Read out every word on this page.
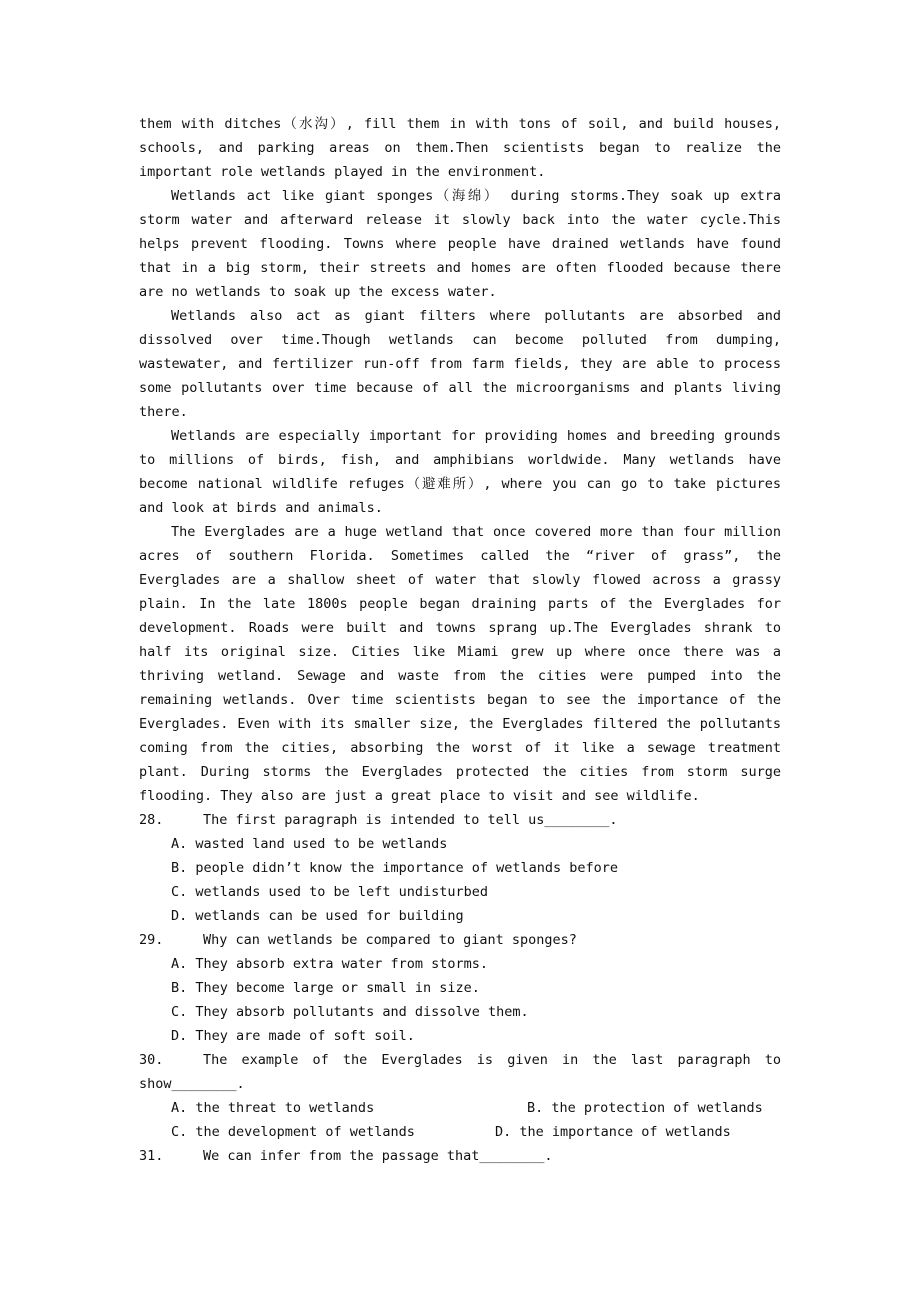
them with ditches（水沟）, fill them in with tons of soil, and build houses, schools, and parking areas on them.Then scientists began to realize the important role wetlands played in the environment.

Wetlands act like giant sponges（海绵） during storms.They soak up extra storm water and afterward release it slowly back into the water cycle.This helps prevent flooding. Towns where people have drained wetlands have found that in a big storm, their streets and homes are often flooded because there are no wetlands to soak up the excess water.

Wetlands also act as giant filters where pollutants are absorbed and dissolved over time.Though wetlands can become polluted from dumping, wastewater, and fertilizer run-off from farm fields, they are able to process some pollutants over time because of all the microorganisms and plants living there.

Wetlands are especially important for providing homes and breeding grounds to millions of birds, fish, and amphibians worldwide. Many wetlands have become national wildlife refuges（避难所）, where you can go to take pictures and look at birds and animals.

The Everglades are a huge wetland that once covered more than four million acres of southern Florida. Sometimes called the “river of grass”, the Everglades are a shallow sheet of water that slowly flowed across a grassy plain. In the late 1800s people began draining parts of the Everglades for development. Roads were built and towns sprang up.The Everglades shrank to half its original size. Cities like Miami grew up where once there was a thriving wetland. Sewage and waste from the cities were pumped into the remaining wetlands. Over time scientists began to see the importance of the Everglades. Even with its smaller size, the Everglades filtered the pollutants coming from the cities, absorbing the worst of it like a sewage treatment plant. During storms the Everglades protected the cities from storm surge flooding. They also are just a great place to visit and see wildlife.

28.	The first paragraph is intended to tell us________.

A. wasted land used to be wetlands

B. people didn’t know the importance of wetlands before

C. wetlands used to be left undisturbed

D. wetlands can be used for building

29.	Why can wetlands be compared to giant sponges?

A. They absorb extra water from storms.

B. They become large or small in size.

C. They absorb pollutants and dissolve them.

D. They are made of soft soil.

30.	The example of the Everglades is given in the last paragraph to show________.

A. the threat to wetlands	B. the protection of wetlands
C. the development of wetlands	D. the importance of wetlands
31.	We can infer from the passage that________.
